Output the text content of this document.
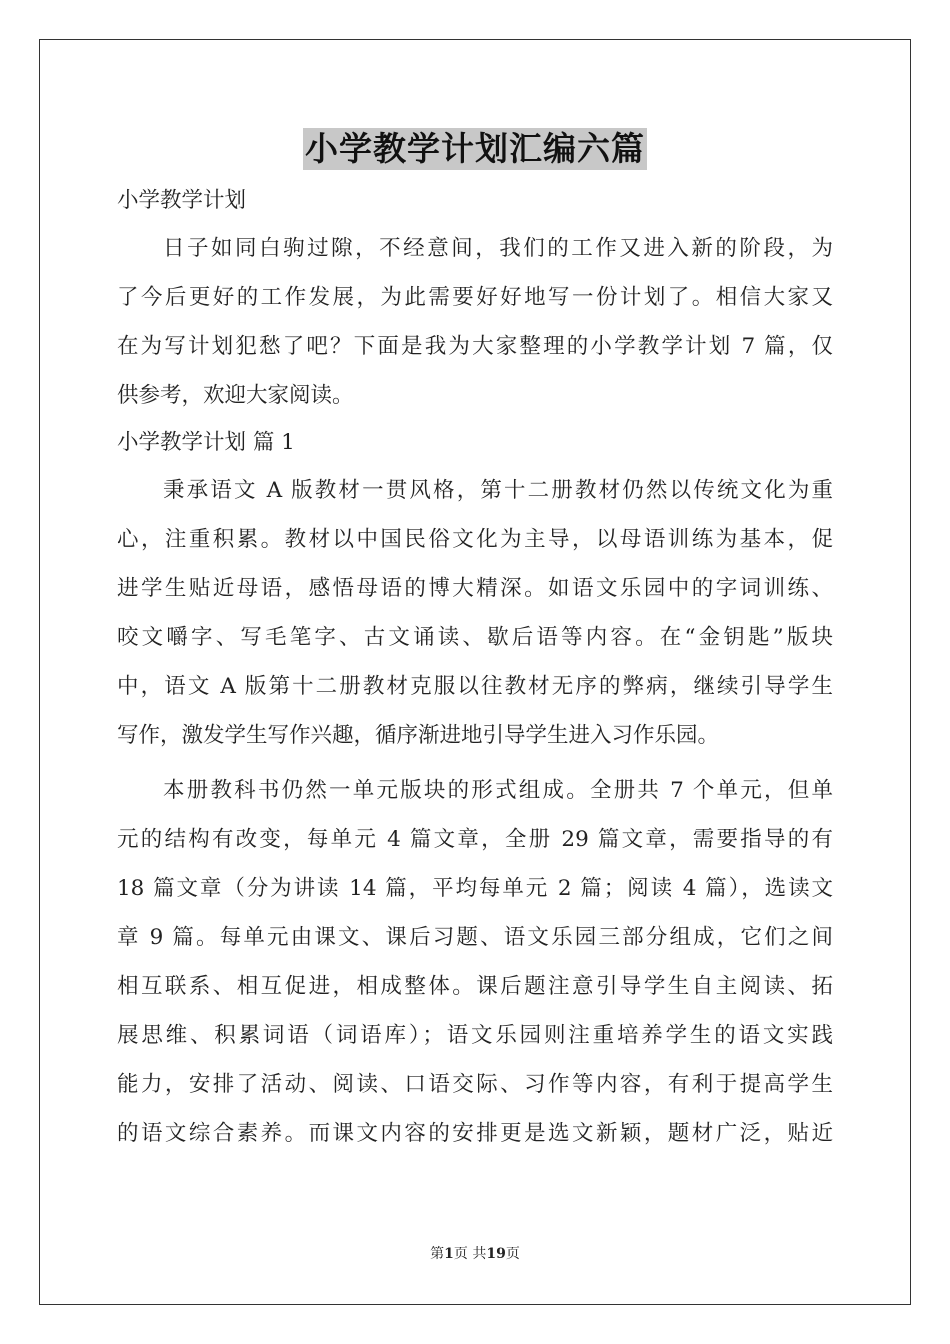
小学教学计划汇编六篇
小学教学计划
日子如同白驹过隙，不经意间，我们的工作又进入新的阶段，为
了今后更好的工作发展，为此需要好好地写一份计划了。相信大家又
在为写计划犯愁了吧？下面是我为大家整理的小学教学计划 7 篇，仅
供参考，欢迎大家阅读。
小学教学计划 篇 1
秉承语文 A 版教材一贯风格，第十二册教材仍然以传统文化为重
心，注重积累。教材以中国民俗文化为主导，以母语训练为基本，促
进学生贴近母语，感悟母语的博大精深。如语文乐园中的字词训练、
咬文嚼字、写毛笔字、古文诵读、歇后语等内容。在“金钥匙”版块
中，语文 A 版第十二册教材克服以往教材无序的弊病，继续引导学生
写作，激发学生写作兴趣，循序渐进地引导学生进入习作乐园。
本册教科书仍然一单元版块的形式组成。全册共 7 个单元，但单
元的结构有改变，每单元 4 篇文章，全册 29 篇文章，需要指导的有
18 篇文章（分为讲读 14 篇，平均每单元 2 篇；阅读 4 篇），选读文
章 9 篇。每单元由课文、课后习题、语文乐园三部分组成，它们之间
相互联系、相互促进，相成整体。课后题注意引导学生自主阅读、拓
展思维、积累词语（词语库）；语文乐园则注重培养学生的语文实践
能力，安排了活动、阅读、口语交际、习作等内容，有利于提高学生
的语文综合素养。而课文内容的安排更是选文新颖，题材广泛，贴近
第1页 共19页
